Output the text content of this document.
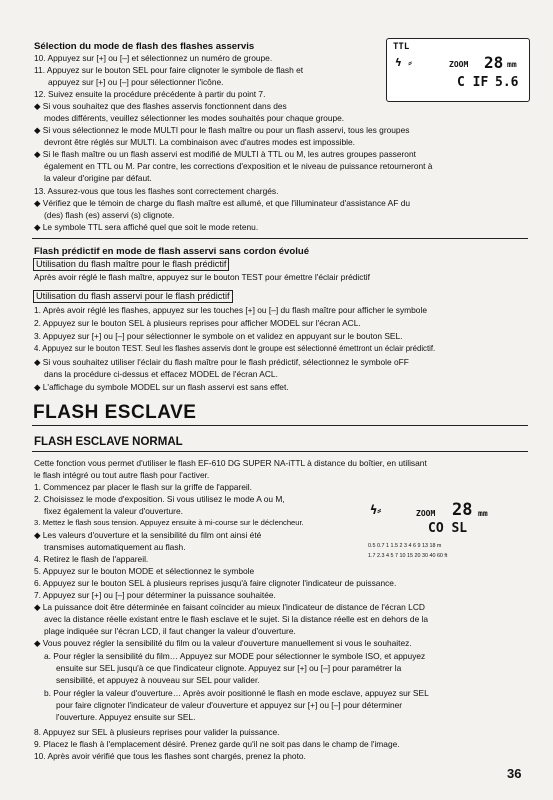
TTL
ϟ ⸗	ZOOM 28 mm
C IF 5.6
Sélection du mode de flash des flashes asservis
10. Appuyez sur [+] ou [–] et sélectionnez un numéro de groupe.
11. Appuyez sur le bouton SEL pour faire clignoter le symbole de flash et
appuyez sur [+] ou [–] pour sélectionner l'icône.
12. Suivez ensuite la procédure précédente à partir du point 7.
◆ Si vous souhaitez que des flashes asservis fonctionnent dans des
modes différents, veuillez sélectionner les modes souhaités pour chaque groupe.
◆ Si vous sélectionnez le mode MULTI pour le flash maître ou pour un flash asservi, tous les groupes
devront être réglés sur MULTI. La combinaison avec d'autres modes est impossible.
◆ Si le flash maître ou un flash asservi est modifié de MULTI à TTL ou M, les autres groupes passeront
également en TTL ou M. Par contre, les corrections d'exposition et le niveau de puissance retourneront à
la valeur d'origine par défaut.
13. Assurez-vous que tous les flashes sont correctement chargés.
◆ Vérifiez que le témoin de charge du flash maître est allumé, et que l'illuminateur d'assistance AF du
(des) flash (es) asservi (s) clignote.
◆ Le symbole TTL sera affiché quel que soit le mode retenu.
Flash prédictif en mode de flash asservi sans cordon évolué
Utilisation du flash maître pour le flash prédictif
Après avoir réglé le flash maître, appuyez sur le bouton TEST pour émettre l'éclair prédictif
Utilisation du flash asservi pour le flash prédictif
1. Après avoir réglé les flashes, appuyez sur les touches [+] ou [–] du flash maître pour afficher le symbole
2. Appuyez sur le bouton SEL à plusieurs reprises pour afficher MODEL sur l'écran ACL.
3. Appuyez sur [+] ou [–] pour sélectionner le symbole on et validez en appuyant sur le bouton SEL.
4. Appuyez sur le bouton TEST. Seul les flashes asservis dont le groupe est sélectionné émettront un éclair prédictif.
◆ Si vous souhaitez utiliser l'éclair du flash maître pour le flash prédictif, sélectionnez le symbole oFF
dans la procédure ci-dessus et effacez MODEL de l'écran ACL.
◆ L'affichage du symbole MODEL sur un flash asservi est sans effet.
FLASH ESCLAVE
FLASH ESCLAVE NORMAL
Cette fonction vous permet d'utiliser le flash EF-610 DG SUPER NA-iTTL à distance du boîtier, en utilisant
le flash intégré ou tout autre flash pour l'activer.
1. Commencez par placer le flash sur la griffe de l'appareil.
2. Choisissez le mode d'exposition. Si vous utilisez le mode A ou M,
fixez également la valeur d'ouverture.
3. Mettez le flash sous tension. Appuyez ensuite à mi-course sur le déclencheur.
◆ Les valeurs d'ouverture et la sensibilité du film ont ainsi été
transmises automatiquement au flash.
4. Retirez le flash de l'appareil.
ϟ⸗	ZOOM 28 mm
CO SL
0.5 0.7 1 1.5 2 3 4 6 9 13 18 m
1.7 2.3 4 5 7 10 15 20 30 40 60 ft
5. Appuyez sur le bouton MODE et sélectionnez le symbole
6. Appuyez sur le bouton SEL à plusieurs reprises jusqu'à faire clignoter l'indicateur de puissance.
7. Appuyez sur [+] ou [–] pour déterminer la puissance souhaitée.
◆ La puissance doit être déterminée en faisant coïncider au mieux l'indicateur de distance de l'écran LCD
avec la distance réelle existant entre le flash esclave et le sujet. Si la distance réelle est en dehors de la
plage indiquée sur l'écran LCD, il faut changer la valeur d'ouverture.
◆ Vous pouvez régler la sensibilité du film ou la valeur d'ouverture manuellement si vous le souhaitez.
a. Pour régler la sensibilité du film… Appuyez sur MODE pour sélectionner le symbole ISO, et appuyez
ensuite sur SEL jusqu'à ce que l'indicateur clignote. Appuyez sur [+] ou [–] pour paramétrer la
sensibilité, et appuyez à nouveau sur SEL pour valider.
b. Pour régler la valeur d'ouverture… Après avoir positionné le flash en mode esclave, appuyez sur SEL
pour faire clignoter l'indicateur de valeur d'ouverture et appuyez sur [+] ou [–] pour déterminer
l'ouverture. Appuyez ensuite sur SEL.
8. Appuyez sur SEL à plusieurs reprises pour valider la puissance.
9. Placez le flash à l'emplacement désiré. Prenez garde qu'il ne soit pas dans le champ de l'image.
10. Après avoir vérifié que tous les flashes sont chargés, prenez la photo.
36
